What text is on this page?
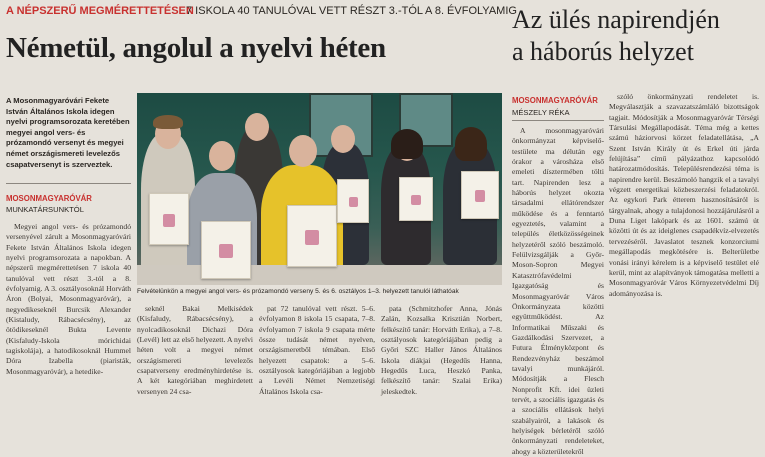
A NÉPSZERŰ MEGMÉRETTETÉSEN
7 ISKOLA 40 TANULÓVAL VETT RÉSZT 3.-TÓL A 8. ÉVFOLYAMIG
Németül, angolul a nyelvi héten
A Mosonmagyaróvári Fekete István Általános Iskola idegen nyelvi programsorozata keretében megyei angol vers- és prózamondó versenyt és megyei német országismereti levelezős csapatversenyt is szerveztek.
MOSONMAGYARÓVÁR
MUNKATÁRSUNKTÓL
Felvételünkön a megyei angol vers- és prózamondó verseny 5. és 6. osztályos 1–3. helyezett tanulói láthatóak

Megyei angol vers- és prózamondó versenyével zárult a Mosonmagyaróvári Fekete István Általános Iskola idegen nyelvi programsorozata a napokban. A népszerű megmérettetésen 7 iskola 40 tanulóval vett részt 3.-tól a 8. évfolyamig. A 3. osztályosoknál Horváth Áron (Bolyai, Mosonmagyaróvár), a negyedikeseknél Burcsik Alexander (Kistaludy, Rábacsécsény), az ötödikeseknél Bukta Levente (Kisfaludy-Iskola mórichidai tagiskolája), a hatodikosoknál Hummel Dóra Izabella (piaristák, Mosonmagyaróvár), a hetedike-

seknél Bakai Melkisédek (Kisfaludy, Rábacsécsény), a nyolcadikosoknál Dichazi Dóra (Levél) lett az első helyezett. A nyelvi héten volt a megyei német országismereti levelezős csapatverseny eredményhirdetése is. A két kategóriában meghirdetett versenyen 24 csa-

pat 72 tanulóval vett részt. 5–6. évfolyamon 8 iskola 15 csapata, 7–8. évfolyamon 7 iskola 9 csapata mérte össze tudását német nyelven, országismeretből témában. Első helyezett csapatok: a 5–6. osztályosok kategóriájában a legjobb a Levéli Német Nemzetiségi Általános Iskola csa-

pata (Schmitzhofer Anna, Jónás Zalán, Kozsalka Krisztián Norbert, felkészítő tanár: Horváth Erika), a 7–8. osztályosok kategóriájában pedig a Győri SZC Haller János Általános Iskola diákjai (Hegedűs Hanna, Hegedűs Luca, Heszkó Panka, felkészítő tanár: Szalai Erika) jeleskedtek.

Az ülés napirendjén
a háborús helyzet
MOSONMAGYARÓVÁR
MÉSZELY RÉKA

A mosonmagyaróvári önkormányzat képviselő-testülete ma délután egy órakor a városháza első emeleti dísztermében tölti tart. Napirenden lesz a háborús helyzet okozta társadalmi ellátórendszer működése és a fenntartó egyeztetés, valamint a település életközösségeinek helyzetéről szóló beszámoló. Felülvizsgálják a Győr-Moson-Sopron Megyei Katasztrófavédelmi Igazgatóság és Mosonmagyaróvár Város Önkormányzata közötti együttműködést. Az Informatikai Műszaki és Gazdálkodási Szervezet, a Futura Élményközpont és Rendezvényház beszámol tavalyi munkájáról. Módosítják a Flesch Nonprofit Kft. idei üzleti tervét, a szociális igazgatás és a szociális ellátások helyi szabályairól, a lakások és helyiségek bérletéről szóló önkormányzati rendeleteket, ahogy a közterületekről

szóló önkormányzati rendeletet is. Megválasztják a szavazatszámláló bizottságok tagjait. Módosítják a Mosonmagyaróvár Térségi Társulási Megállapodását. Téma még a kettes számú háziorvosi körzet feladatellátása, „A Szent István Király út és Erkel úti járda felújítása” című pályázathoz kapcsolódó határozatmódosítás. Településrendezési téma is napirendre kerül. Beszámoló hangzik el a tavalyi végzett energetikai közbeszerzési feladatokról. Az egykori Park étterem hasznosításáról is tárgyalnak, ahogy a tulajdonosi hozzájárulásról a Duna Liget lakópark és az 1601. számú út közötti út és az ideiglenes csapadékvíz-elvezetés tervezéséről. Javaslatot tesznek konzorciumi megállapodás megkötésére is. Belterületbe vonási irányi kérelem is a képviselő testület elé kerül, mint az alapítványok támogatása melletti a Mosonmagyaróvár Város Környezetvédelmi Díj adományozása is.
